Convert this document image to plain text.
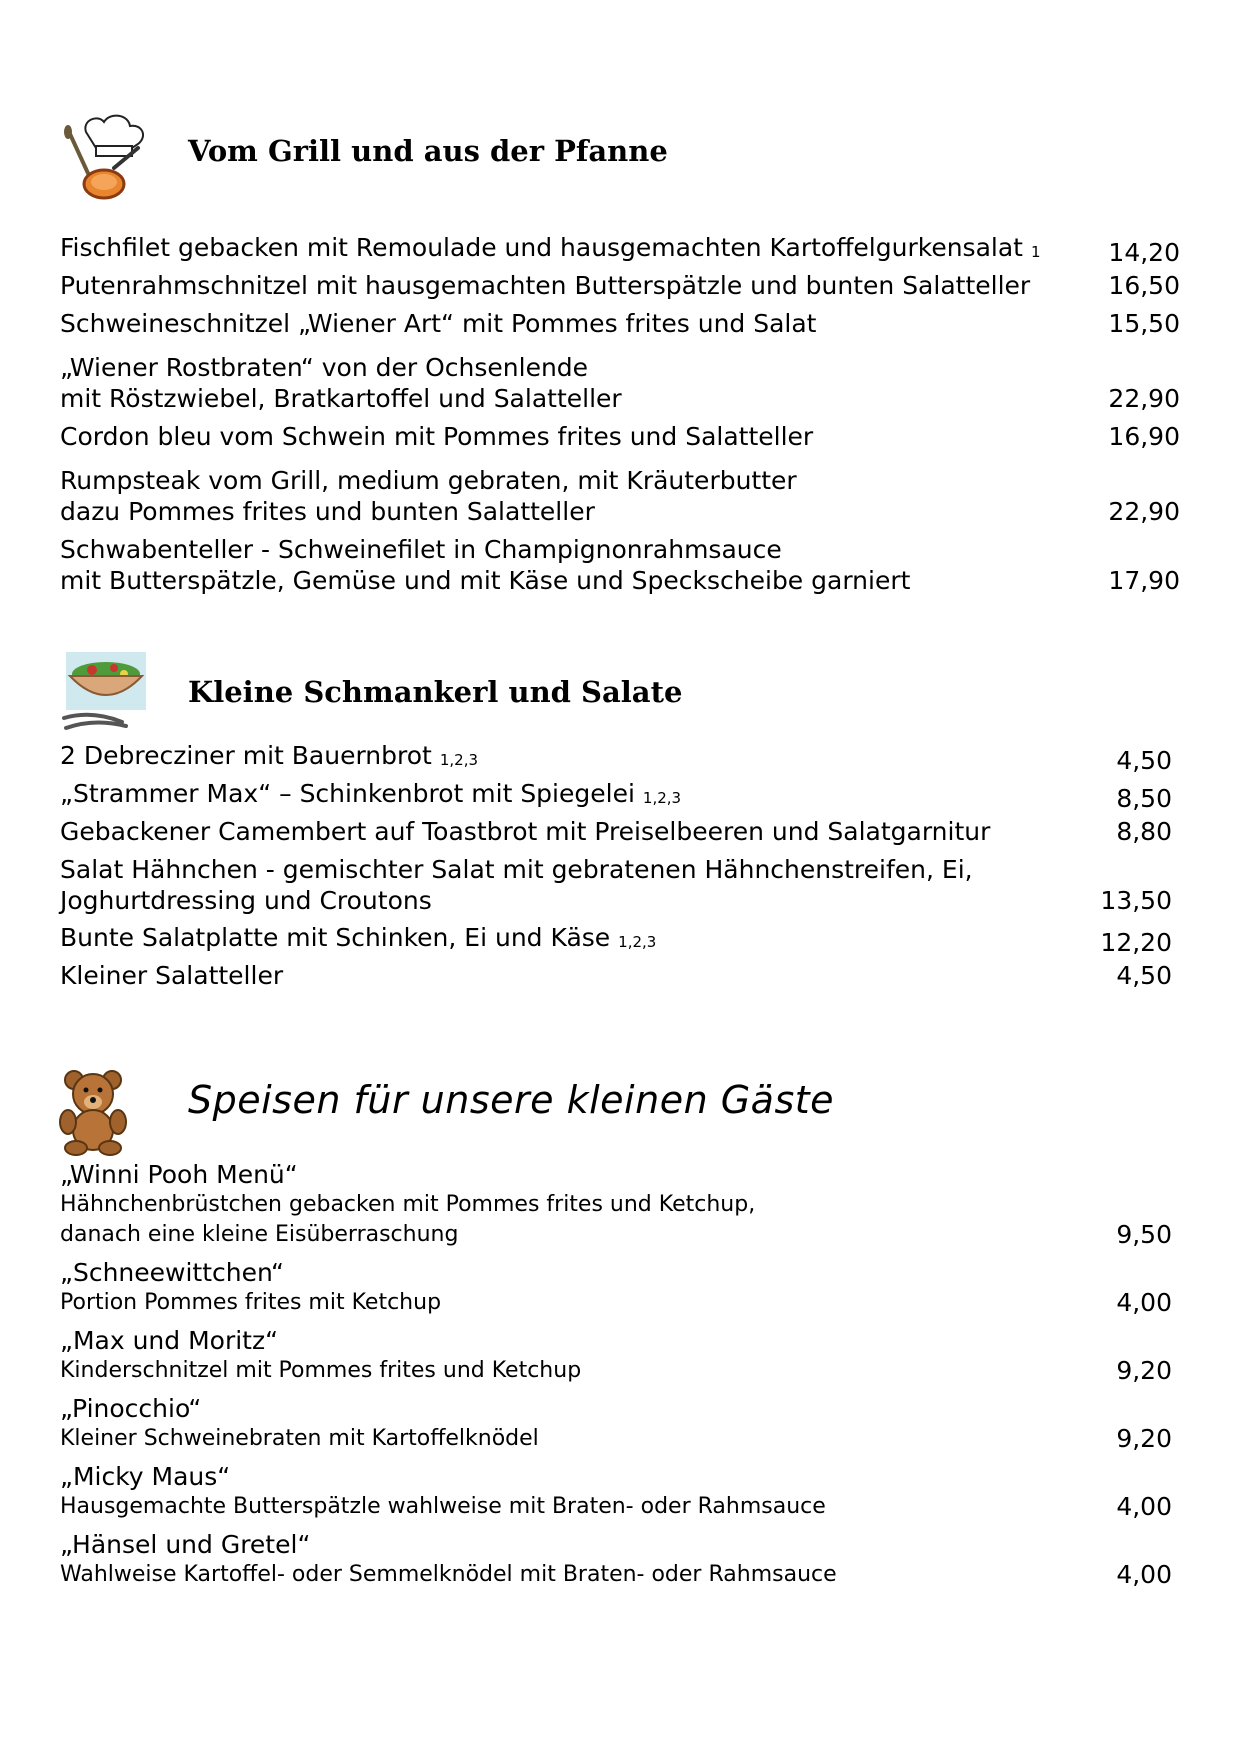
Vom Grill und aus der Pfanne
Fischfilet gebacken mit Remoulade und hausgemachten Kartoffelgurkensalat 1	14,20
Putenrahmschnitzel mit hausgemachten Butterspätzle und bunten Salatteller	16,50
Schweineschnitzel „Wiener Art“ mit Pommes frites und Salat	15,50
„Wiener Rostbraten“ von der Ochsenlende
mit Röstzwiebel, Bratkartoffel und Salatteller	22,90
Cordon bleu vom Schwein mit Pommes frites und Salatteller	16,90
Rumpsteak vom Grill, medium gebraten, mit Kräuterbutter
dazu Pommes frites und bunten Salatteller	22,90
Schwabenteller - Schweinefilet in Champignonrahmsauce
mit Butterspätzle, Gemüse und mit Käse und Speckscheibe garniert	17,90
Kleine Schmankerl und Salate
2 Debrecziner mit Bauernbrot 1,2,3	4,50
„Strammer Max“ – Schinkenbrot mit Spiegelei 1,2,3	8,50
Gebackener Camembert auf Toastbrot mit Preiselbeeren und Salatgarnitur	8,80
Salat Hähnchen - gemischter Salat mit gebratenen Hähnchenstreifen, Ei,
Joghurtdressing und Croutons	13,50
Bunte Salatplatte mit Schinken, Ei und Käse 1,2,3	12,20
Kleiner Salatteller	4,50
Speisen für unsere kleinen Gäste
„Winni Pooh Menü“
Hähnchenbrüstchen gebacken mit Pommes frites und Ketchup,
danach eine kleine Eisüberraschung	9,50
„Schneewittchen“
Portion Pommes frites mit Ketchup	4,00
„Max und Moritz“
Kinderschnitzel mit Pommes frites und Ketchup	9,20
„Pinocchio“
Kleiner Schweinebraten mit Kartoffelknödel	9,20
„Micky Maus“
Hausgemachte Butterspätzle wahlweise mit Braten- oder Rahmsauce	4,00
„Hänsel und Gretel“
Wahlweise Kartoffel- oder Semmelknödel mit Braten- oder Rahmsauce	4,00
